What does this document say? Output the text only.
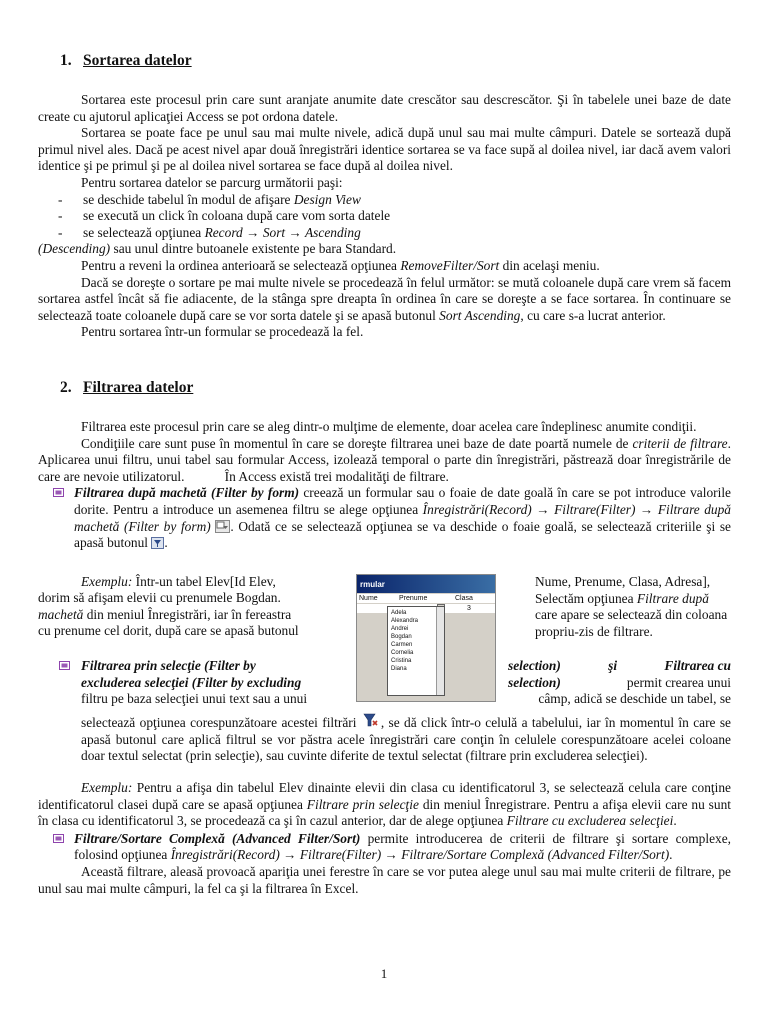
1. Sortarea datelor

Sortarea este procesul prin care sunt aranjate anumite date crescător sau descrescător. Şi în tabelele unei baze de date create cu ajutorul aplicaţiei Access se pot ordona datele.

Sortarea se poate face pe unul sau mai multe nivele, adică după unul sau mai multe câmpuri. Datele se sortează după primul nivel ales. Dacă pe acest nivel apar două înregistrări identice sortarea se va face supă al doilea nivel, iar dacă avem valori identice şi pe primul şi pe al doilea nivel sortarea se face după al doilea nivel.

Pentru sortarea datelor se parcurg următorii paşi:

- se deschide tabelul în modul de afişare Design View
- se execută un click în coloana după care vom sorta datele
- se selectează opţiunea Record → Sort → Ascending

(Descending) sau unul dintre butoanele existente pe bara Standard.

Pentru a reveni la ordinea anterioară se selectează opţiunea RemoveFilter/Sort din acelaşi meniu.

Dacă se doreşte o sortare pe mai multe nivele se procedează în felul următor: se mută coloanele după care vrem să facem sortarea astfel încât să fie adiacente, de la stânga spre dreapta în ordinea în care se doreşte a se face sortarea. În continuare se selectează toate coloanele după care se vor sorta datele şi se apasă butonul Sort Ascending, cu care s-a lucrat anterior.

Pentru sortarea într-un formular se procedează la fel.

2. Filtrarea datelor

Filtrarea este procesul prin care se aleg dintr-o mulţime de elemente, doar acelea care îndeplinesc anumite condiţii.

Condiţiile care sunt puse în momentul în care se doreşte filtrarea unei baze de date poartă numele de criterii de filtrare. Aplicarea unui filtru, unui tabel sau formular Access, izolează temporal o parte din înregistrări, păstrează doar înregistrările de care are nevoie utilizatorul.	În Access există trei modalităţi de filtrare.

Filtrarea după machetă (Filter by form) creează un formular sau o foaie de date goală în care se pot introduce valorile dorite. Pentru a introduce un asemenea filtru se alege opţiunea Înregistrări(Record) → Filtrare(Filter) → Filtrare după machetă (Filter by form) . Odată ce se selectează opţiunea se va deschide o foaie goală, se selectează criteriile şi se apasă butonul .

Exemplu: Într-un tabel Elev[Id Elev,
dorim să afişam elevii cu prenumele Bogdan.
machetă din meniul Înregistrări, iar în fereastra
cu prenume cel dorit, după care se apasă butonul
Nume, Prenume, Clasa, Adresa],
Selectăm opţiunea Filtrare după
care apare se selectează din coloana
propriu-zis de filtrare.
rmular
Nume	Prenume	Clasa
3
Adela
Alexandra
Andrei
Bogdan
Carmen
Cornelia
Cristina
Diana
Filtrarea prin selecţie (Filter by
excluderea selecţiei (Filter by excluding
filtru pe baza selecţiei unui text sau a unui
selection)	şi	Filtrarea cu
selection)	permit crearea unui
câmp, adică se deschide un tabel, se

selectează opţiunea corespunzătoare acestei filtrări , se dă click într-o celulă a tabelului, iar în momentul în care se apasă butonul care aplică filtrul se vor păstra acele înregistrări care conţin în celulele corespunzătoare acelei coloane doar textul selectat (prin selecţie), sau cuvinte diferite de textul selectat (filtrare prin excluderea selecţiei).

Exemplu: Pentru a afişa din tabelul Elev dinainte elevii din clasa cu identificatorul 3, se selectează celula care conţine identificatorul clasei după care se apasă opţiunea Filtrare prin selecţie din meniul Înregistrare. Pentru a afişa elevii care nu sunt în clasa cu identificatorul 3, se procedează ca şi în cazul anterior, dar de alege opţiunea Filtrare cu excluderea selecţiei.

Filtrare/Sortare Complexă (Advanced Filter/Sort) permite introducerea de criterii de filtrare şi sortare complexe, folosind opţiunea Înregistrări(Record) → Filtrare(Filter) → Filtrare/Sortare Complexă (Advanced Filter/Sort).

Această filtrare, aleasă provoacă apariţia unei ferestre în care se vor putea alege unul sau mai multe criterii de filtrare, pe unul sau mai multe câmpuri, la fel ca şi la filtrarea în Excel.

1
